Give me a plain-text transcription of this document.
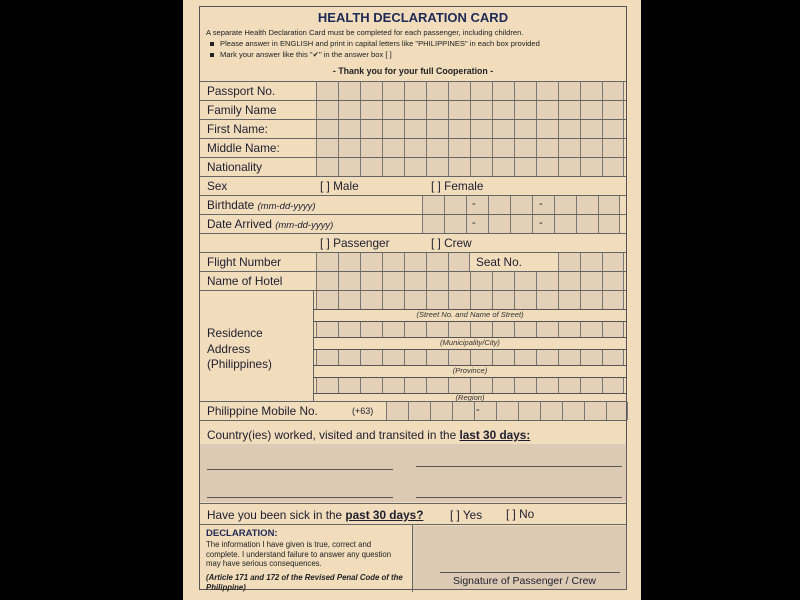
HEALTH DECLARATION CARD
A separate Health Declaration Card must be completed for each passenger, including children.
Please answer in ENGLISH and print in capital letters like "PHILIPPINES" in each box provided
Mark your answer like this "✔" in the answer box [ ]
- Thank you for your full Cooperation -
Passport No.
Family Name
First Name:
Middle Name:
Nationality
Sex	[ ] Male	[ ] Female
Birthdate (mm-dd-yyyy)	-	-
Date Arrived (mm-dd-yyyy)	-	-
[ ] Passenger	[ ] Crew
Flight Number	Seat No.
Name of Hotel
Residence
Address
(Philippines)
(Street No. and Name of Street)
(Municipality/City)
(Province)
(Region)
Philippine Mobile No.	(+63)	-
Country(ies) worked, visited and transited in the last 30 days:
Have you been sick in the past 30 days? [ ] Yes [ ] No
DECLARATION:
The information I have given is true, correct and complete. I understand failure to answer any question may have serious consequences.
(Article 171 and 172 of the Revised Penal Code of the Philippine)	Signature of Passenger / Crew
